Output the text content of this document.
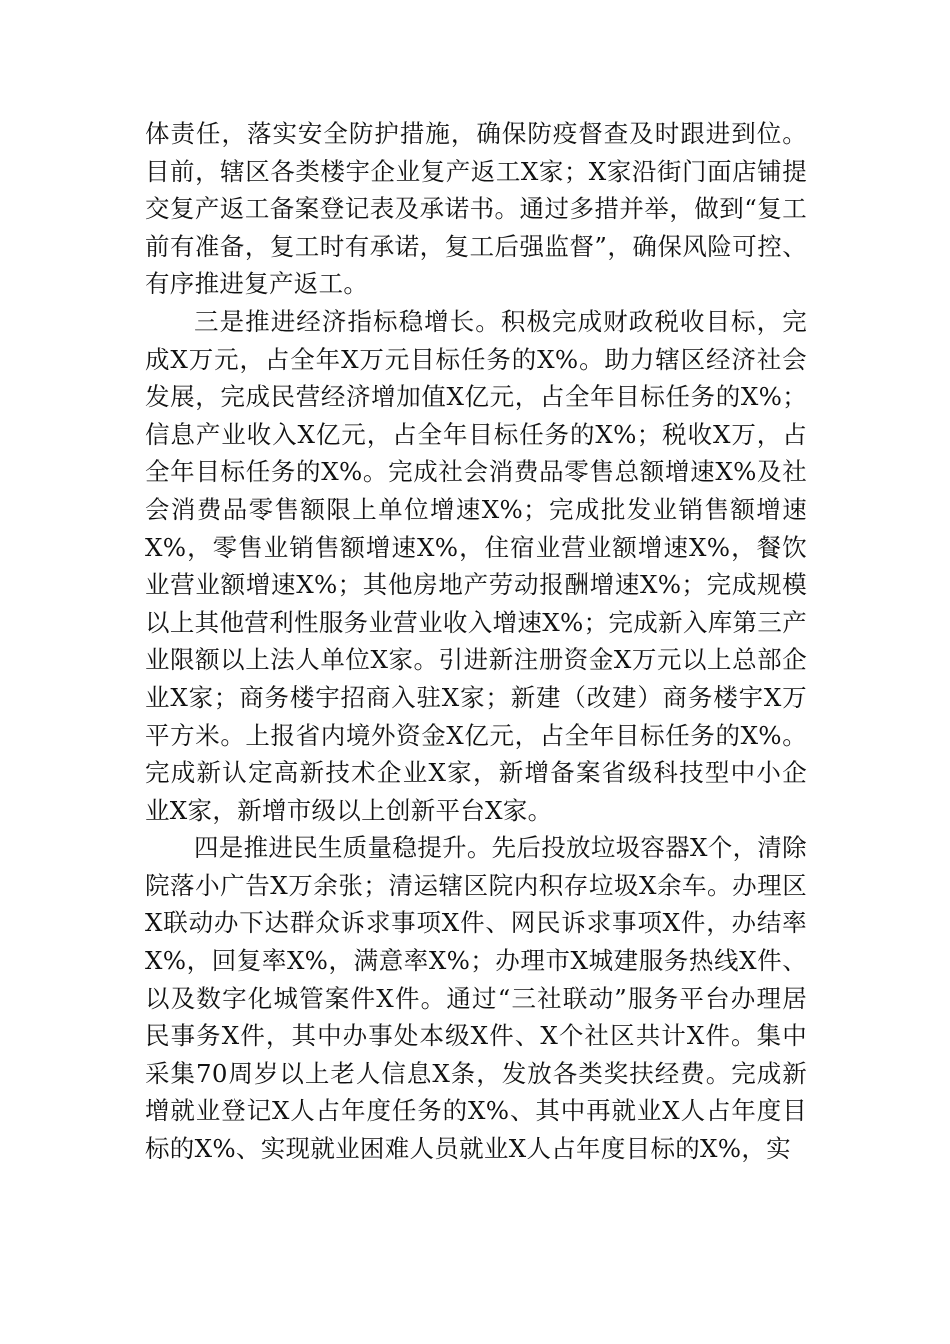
体责任，落实安全防护措施，确保防疫督查及时跟进到位。目前，辖区各类楼宇企业复产返工X家；X家沿街门面店铺提交复产返工备案登记表及承诺书。通过多措并举，做到“复工前有准备，复工时有承诺，复工后强监督”，确保风险可控、有序推进复产返工。

三是推进经济指标稳增长。积极完成财政税收目标，完成X万元，占全年X万元目标任务的X%。助力辖区经济社会发展，完成民营经济增加值X亿元，占全年目标任务的X%；信息产业收入X亿元，占全年目标任务的X%；税收X万，占全年目标任务的X%。完成社会消费品零售总额增速X%及社会消费品零售额限上单位增速X%；完成批发业销售额增速X%，零售业销售额增速X%，住宿业营业额增速X%，餐饮业营业额增速X%；其他房地产劳动报酬增速X%；完成规模以上其他营利性服务业营业收入增速X%；完成新入库第三产业限额以上法人单位X家。引进新注册资金X万元以上总部企业X家；商务楼宇招商入驻X家；新建（改建）商务楼宇X万平方米。上报省内境外资金X亿元，占全年目标任务的X%。完成新认定高新技术企业X家，新增备案省级科技型中小企业X家，新增市级以上创新平台X家。

四是推进民生质量稳提升。先后投放垃圾容器X个，清除院落小广告X万余张；清运辖区院内积存垃圾X余车。办理区X联动办下达群众诉求事项X件、网民诉求事项X件，办结率X%，回复率X%，满意率X%；办理市X城建服务热线X件、以及数字化城管案件X件。通过“三社联动”服务平台办理居民事务X件，其中办事处本级X件、X个社区共计X件。集中采集70周岁以上老人信息X条，发放各类奖扶经费。完成新增就业登记X人占年度任务的X%、其中再就业X人占年度目标的X%、实现就业困难人员就业X人占年度目标的X%，实
